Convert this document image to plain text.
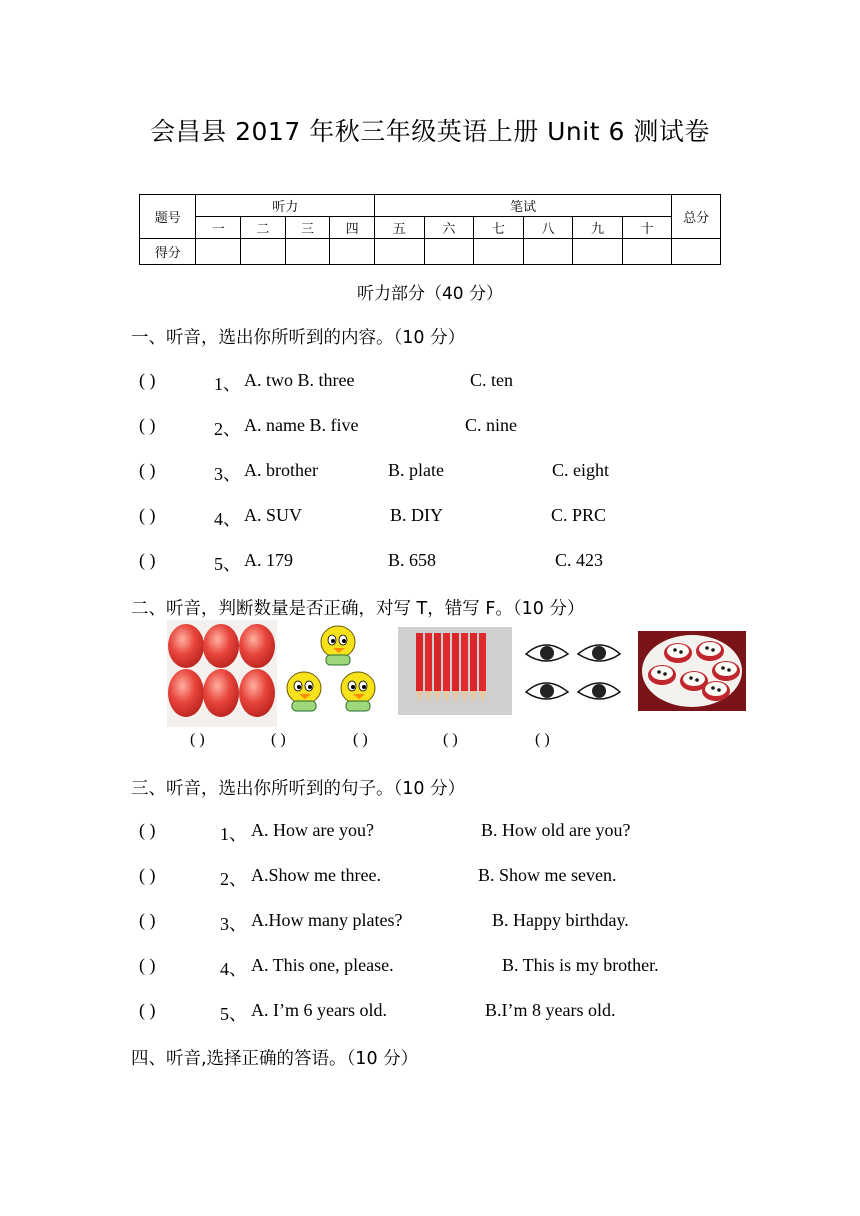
会昌县 2017 年秋三年级英语上册 Unit 6 测试卷
题号	听力				笔试						总分
	一	二	三	四	五	六	七	八	九	十	
得分											
听力部分（40 分）
一、听音，选出你所听到的内容。（10 分）
( )	1、 A. two B. three	C. ten
( )	2、 A. name B. five	C. nine
( )	3、 A. brother	B. plate	C. eight
( )	4、 A. SUV	B. DIY	C. PRC
( )	5、 A. 179	B. 658	C. 423
二、听音，判断数量是否正确，对写 T，错写 F。（10 分）
( )	( )	( )	( )	( )
三、听音，选出你所听到的句子。（10 分）
( )	1、 A. How are you?	B. How old are you?
( )	2、 A.Show me three.	B. Show me seven.
( )	3、 A.How many plates?	B. Happy birthday.
( )	4、 A. This one, please.	B. This is my brother.
( )	5、 A. I’m 6 years old.	B.I’m 8 years old.
四、听音,选择正确的答语。（10 分）
